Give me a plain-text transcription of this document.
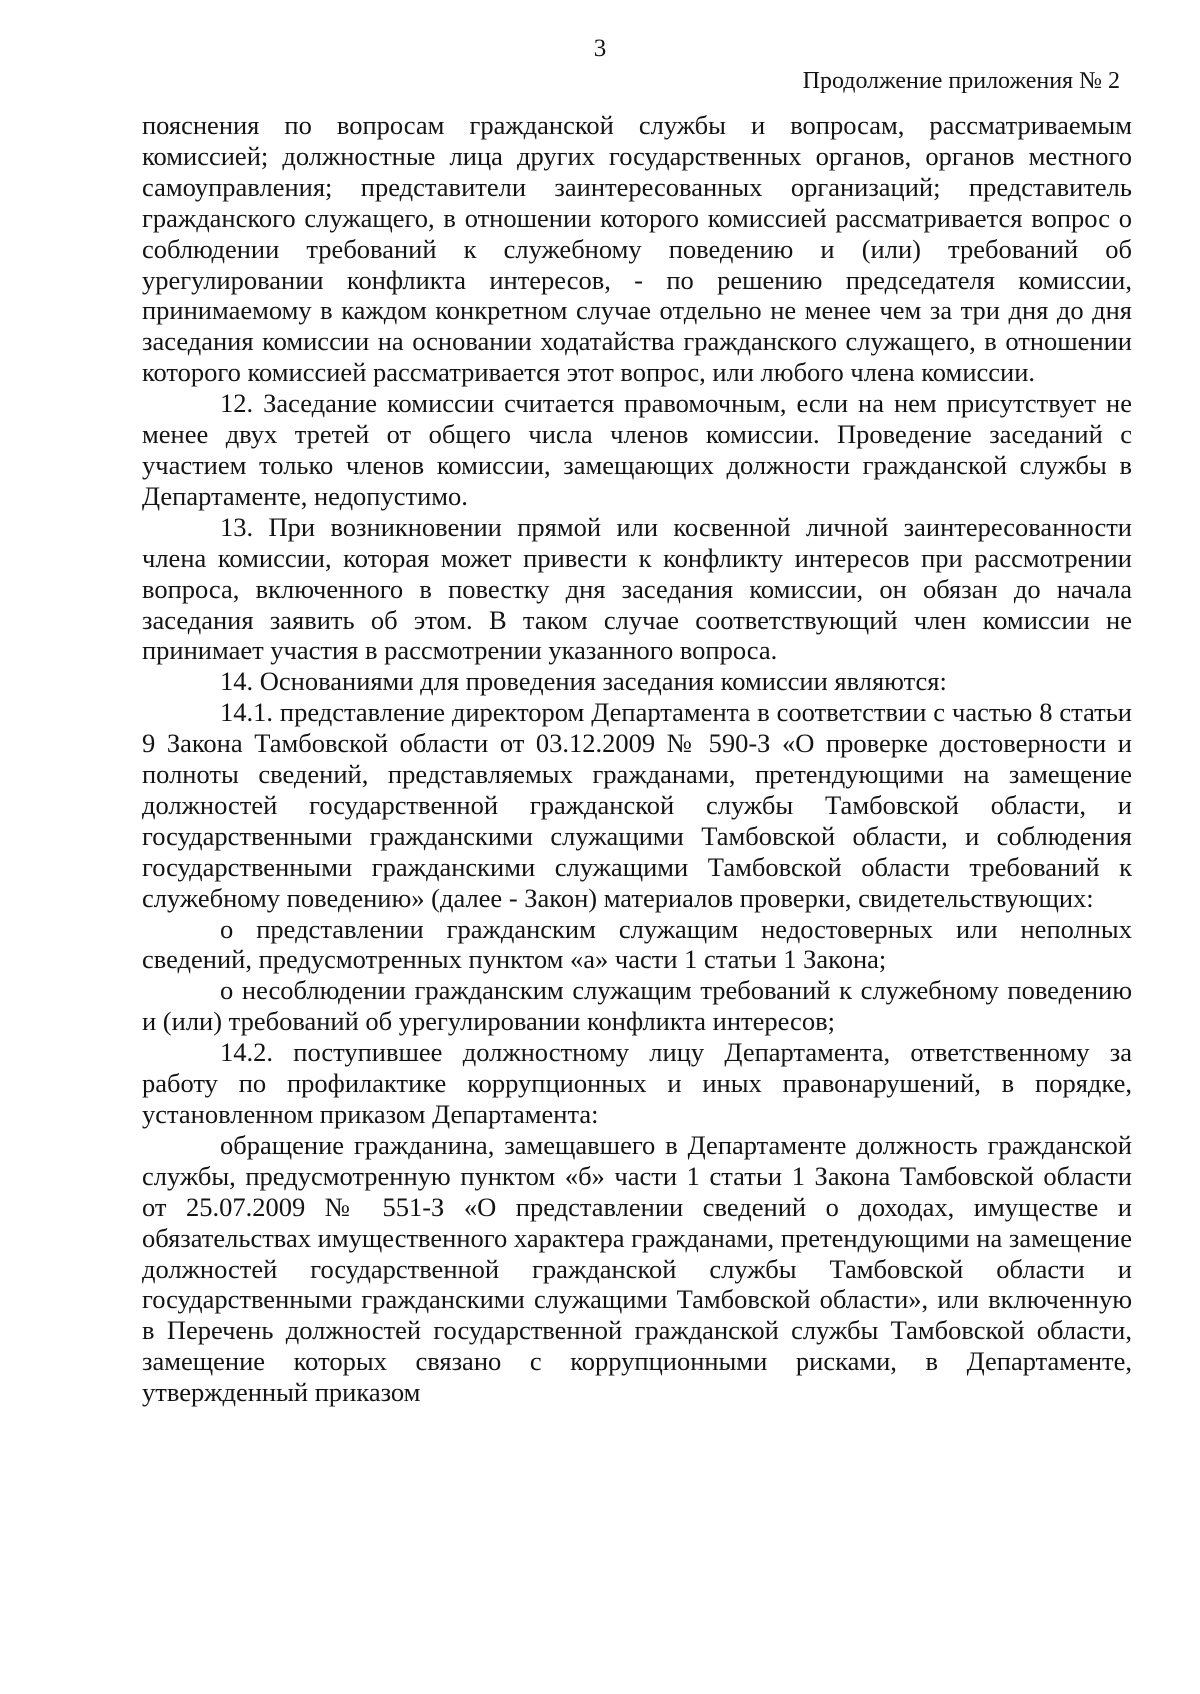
3
Продолжение приложения № 2

пояснения по вопросам гражданской службы и вопросам, рассматриваемым комиссией; должностные лица других государственных органов, органов местного самоуправления; представители заинтересованных организаций; представитель гражданского служащего, в отношении которого комиссией рассматривается вопрос о соблюдении требований к служебному поведению и (или) требований об урегулировании конфликта интересов, - по решению председателя комиссии, принимаемому в каждом конкретном случае отдельно не менее чем за три дня до дня заседания комиссии на основании ходатайства гражданского служащего, в отношении которого комиссией рассматривается этот вопрос, или любого члена комиссии.

12. Заседание комиссии считается правомочным, если на нем присутствует не менее двух третей от общего числа членов комиссии. Проведение заседаний с участием только членов комиссии, замещающих должности гражданской службы в Департаменте, недопустимо.

13. При возникновении прямой или косвенной личной заинтересованности члена комиссии, которая может привести к конфликту интересов при рассмотрении вопроса, включенного в повестку дня заседания комиссии, он обязан до начала заседания заявить об этом. В таком случае соответствующий член комиссии не принимает участия в рассмотрении указанного вопроса.

14. Основаниями для проведения заседания комиссии являются:

14.1. представление директором Департамента в соответствии с частью 8 статьи 9 Закона Тамбовской области от 03.12.2009 № 590-З «О проверке достоверности и полноты сведений, представляемых гражданами, претендующими на замещение должностей государственной гражданской службы Тамбовской области, и государственными гражданскими служащими Тамбовской области, и соблюдения государственными гражданскими служащими Тамбовской области требований к служебному поведению» (далее - Закон) материалов проверки, свидетельствующих:

о представлении гражданским служащим недостоверных или неполных сведений, предусмотренных пунктом «а» части 1 статьи 1 Закона;

о несоблюдении гражданским служащим требований к служебному поведению и (или) требований об урегулировании конфликта интересов;

14.2. поступившее должностному лицу Департамента, ответственному за работу по профилактике коррупционных и иных правонарушений, в порядке, установленном приказом Департамента:

обращение гражданина, замещавшего в Департаменте должность гражданской службы, предусмотренную пунктом «б» части 1 статьи 1 Закона Тамбовской области от 25.07.2009 № 551-З «О представлении сведений о доходах, имуществе и обязательствах имущественного характера гражданами, претендующими на замещение должностей государственной гражданской службы Тамбовской области и государственными гражданскими служащими Тамбовской области», или включенную в Перечень должностей государственной гражданской службы Тамбовской области, замещение которых связано с коррупционными рисками, в Департаменте, утвержденный приказом
